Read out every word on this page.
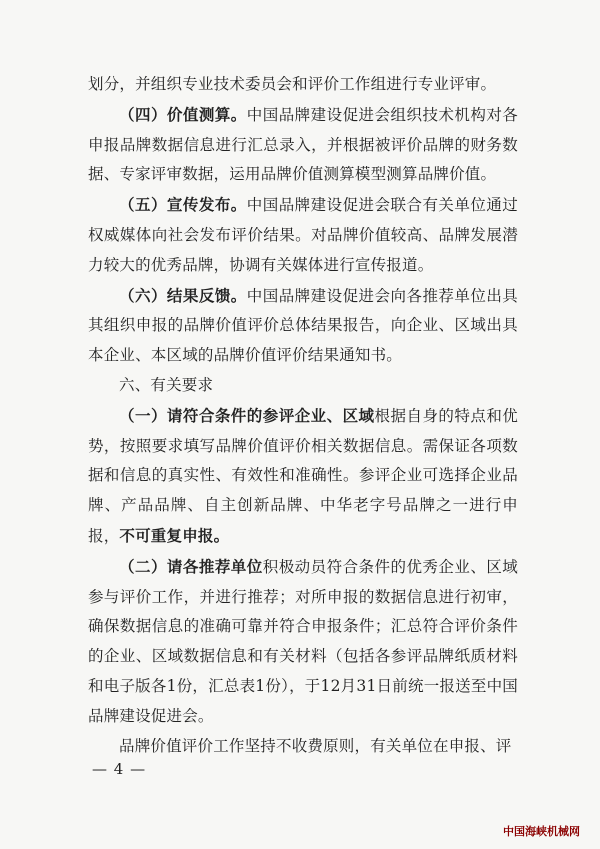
划分，并组织专业技术委员会和评价工作组进行专业评审。

（四）价值测算。中国品牌建设促进会组织技术机构对各申报品牌数据信息进行汇总录入，并根据被评价品牌的财务数据、专家评审数据，运用品牌价值测算模型测算品牌价值。

（五）宣传发布。中国品牌建设促进会联合有关单位通过权威媒体向社会发布评价结果。对品牌价值较高、品牌发展潜力较大的优秀品牌，协调有关媒体进行宣传报道。

（六）结果反馈。中国品牌建设促进会向各推荐单位出具其组织申报的品牌价值评价总体结果报告，向企业、区域出具本企业、本区域的品牌价值评价结果通知书。

六、有关要求

（一）请符合条件的参评企业、区域根据自身的特点和优势，按照要求填写品牌价值评价相关数据信息。需保证各项数据和信息的真实性、有效性和准确性。参评企业可选择企业品牌、产品品牌、自主创新品牌、中华老字号品牌之一进行申报，不可重复申报。

（二）请各推荐单位积极动员符合条件的优秀企业、区域参与评价工作，并进行推荐；对所申报的数据信息进行初审，确保数据信息的准确可靠并符合申报条件；汇总符合评价条件的企业、区域数据信息和有关材料（包括各参评品牌纸质材料和电子版各1份，汇总表1份），于12月31日前统一报送至中国品牌建设促进会。

品牌价值评价工作坚持不收费原则，有关单位在申报、评

— 4 —
中国海峡机械网
